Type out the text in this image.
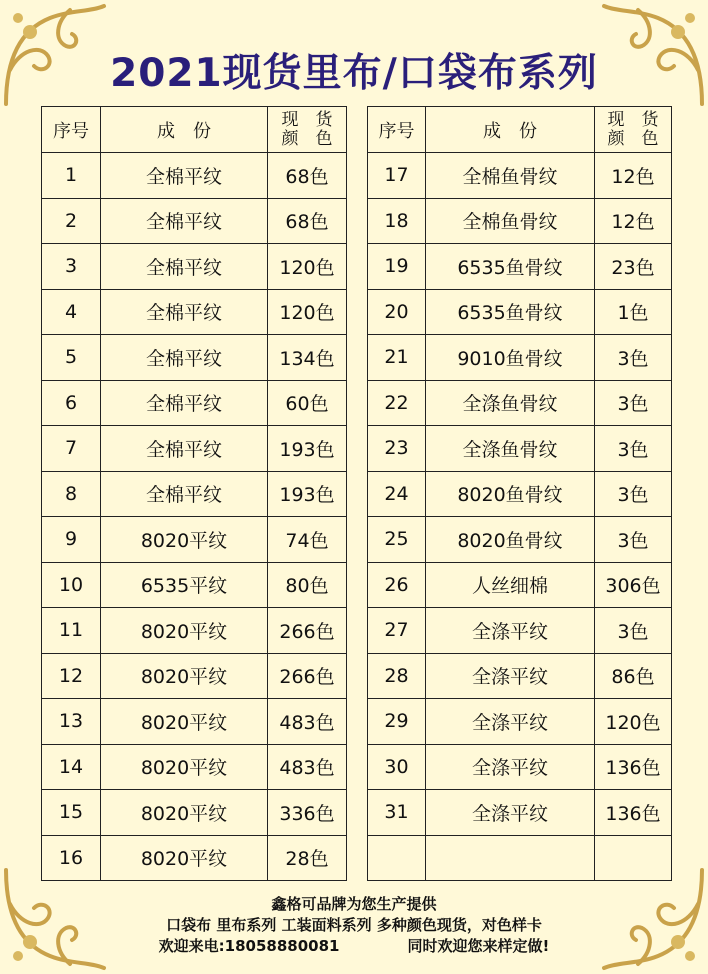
2021现货里布/口袋布系列
序号	成　份	现　货
颜　色
1	全棉平纹	68色
2	全棉平纹	68色
3	全棉平纹	120色
4	全棉平纹	120色
5	全棉平纹	134色
6	全棉平纹	60色
7	全棉平纹	193色
8	全棉平纹	193色
9	8020平纹	74色
10	6535平纹	80色
11	8020平纹	266色
12	8020平纹	266色
13	8020平纹	483色
14	8020平纹	483色
15	8020平纹	336色
16	8020平纹	28色
序号	成　份	现　货
颜　色
17	全棉鱼骨纹	12色
18	全棉鱼骨纹	12色
19	6535鱼骨纹	23色
20	6535鱼骨纹	1色
21	9010鱼骨纹	3色
22	全涤鱼骨纹	3色
23	全涤鱼骨纹	3色
24	8020鱼骨纹	3色
25	8020鱼骨纹	3色
26	人丝细棉	306色
27	全涤平纹	3色
28	全涤平纹	86色
29	全涤平纹	120色
30	全涤平纹	136色
31	全涤平纹	136色

鑫格可品牌为您生产提供
口袋布 里布系列 工装面料系列 多种颜色现货，对色样卡
欢迎来电:18058880081	同时欢迎您来样定做!
